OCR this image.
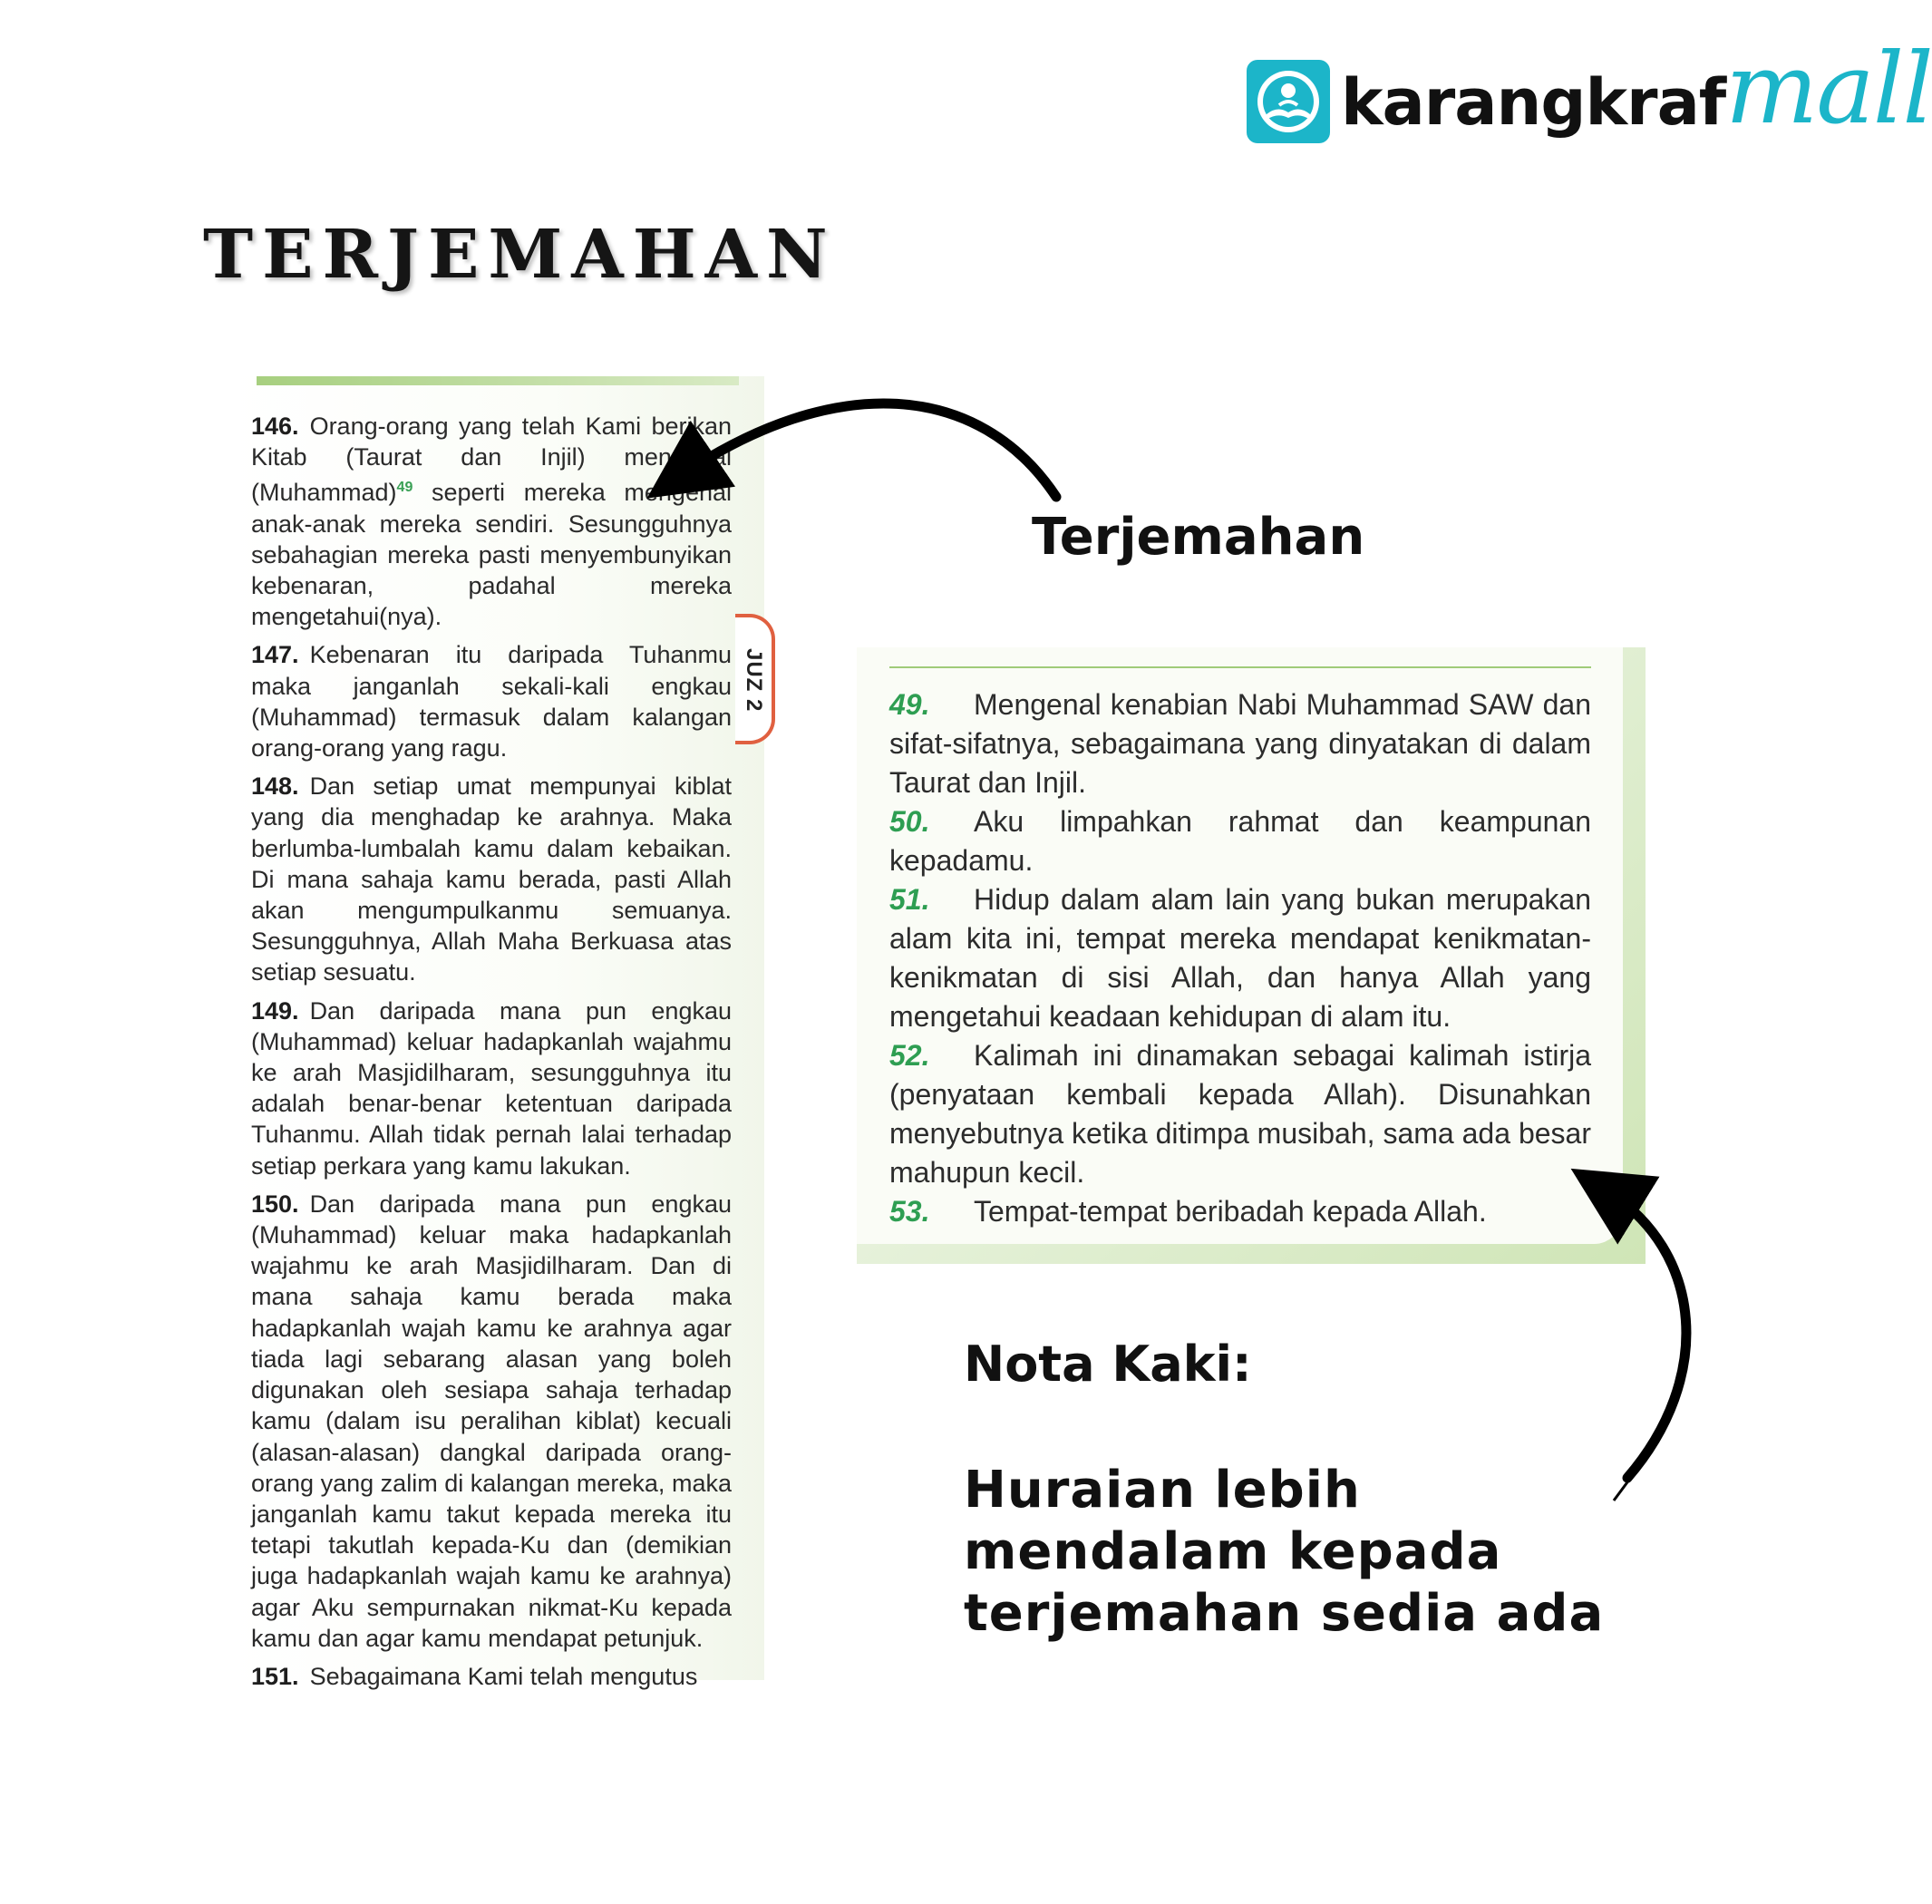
karangkraf mall
TERJEMAHAN
JUZ 2

146. Orang-orang yang telah Kami berikan Kitab (Taurat dan Injil) mengenal (Muhammad)$^{49}$ seperti mereka mengenal anak-anak mereka sendiri. Sesungguhnya sebahagian mereka pasti menyembunyikan kebenaran, padahal mereka mengetahui(nya).

147. Kebenaran itu daripada Tuhanmu maka janganlah sekali-kali engkau (Muhammad) termasuk dalam kalangan orang-orang yang ragu.

148. Dan setiap umat mempunyai kiblat yang dia menghadap ke arahnya. Maka berlumba-lumbalah kamu dalam kebaikan. Di mana sahaja kamu berada, pasti Allah akan mengumpulkanmu semuanya. Sesungguhnya, Allah Maha Berkuasa atas setiap sesuatu.

149. Dan daripada mana pun engkau (Muhammad) keluar hadapkanlah wajahmu ke arah Masjidilharam, sesungguhnya itu adalah benar-benar ketentuan daripada Tuhanmu. Allah tidak pernah lalai terhadap setiap perkara yang kamu lakukan.

150. Dan daripada mana pun engkau (Muhammad) keluar maka hadapkanlah wajahmu ke arah Masjidilharam. Dan di mana sahaja kamu berada maka hadapkanlah wajah kamu ke arahnya agar tiada lagi sebarang alasan yang boleh digunakan oleh sesiapa sahaja terhadap kamu (dalam isu peralihan kiblat) kecuali (alasan-alasan) dangkal daripada orang-orang yang zalim di kalangan mereka, maka janganlah kamu takut kepada mereka itu tetapi takutlah kepada-Ku dan (demikian juga hadapkanlah wajah kamu ke arahnya) agar Aku sempurnakan nikmat-Ku kepada kamu dan agar kamu mendapat petunjuk.

151. Sebagaimana Kami telah mengutus

49. Mengenal kenabian Nabi Muhammad SAW dan sifat-sifatnya, sebagaimana yang dinyatakan di dalam Taurat dan Injil.

50. Aku limpahkan rahmat dan keampunan kepadamu.

51. Hidup dalam alam lain yang bukan merupakan alam kita ini, tempat mereka mendapat kenikmatan-kenikmatan di sisi Allah, dan hanya Allah yang mengetahui keadaan kehidupan di alam itu.

52. Kalimah ini dinamakan sebagai kalimah istirja (penyataan kembali kepada Allah). Disunahkan menyebutnya ketika ditimpa musibah, sama ada besar mahupun kecil.

53. Tempat-tempat beribadah kepada Allah.

Terjemahan
Nota Kaki:
Huraian lebih mendalam kepada terjemahan sedia ada
